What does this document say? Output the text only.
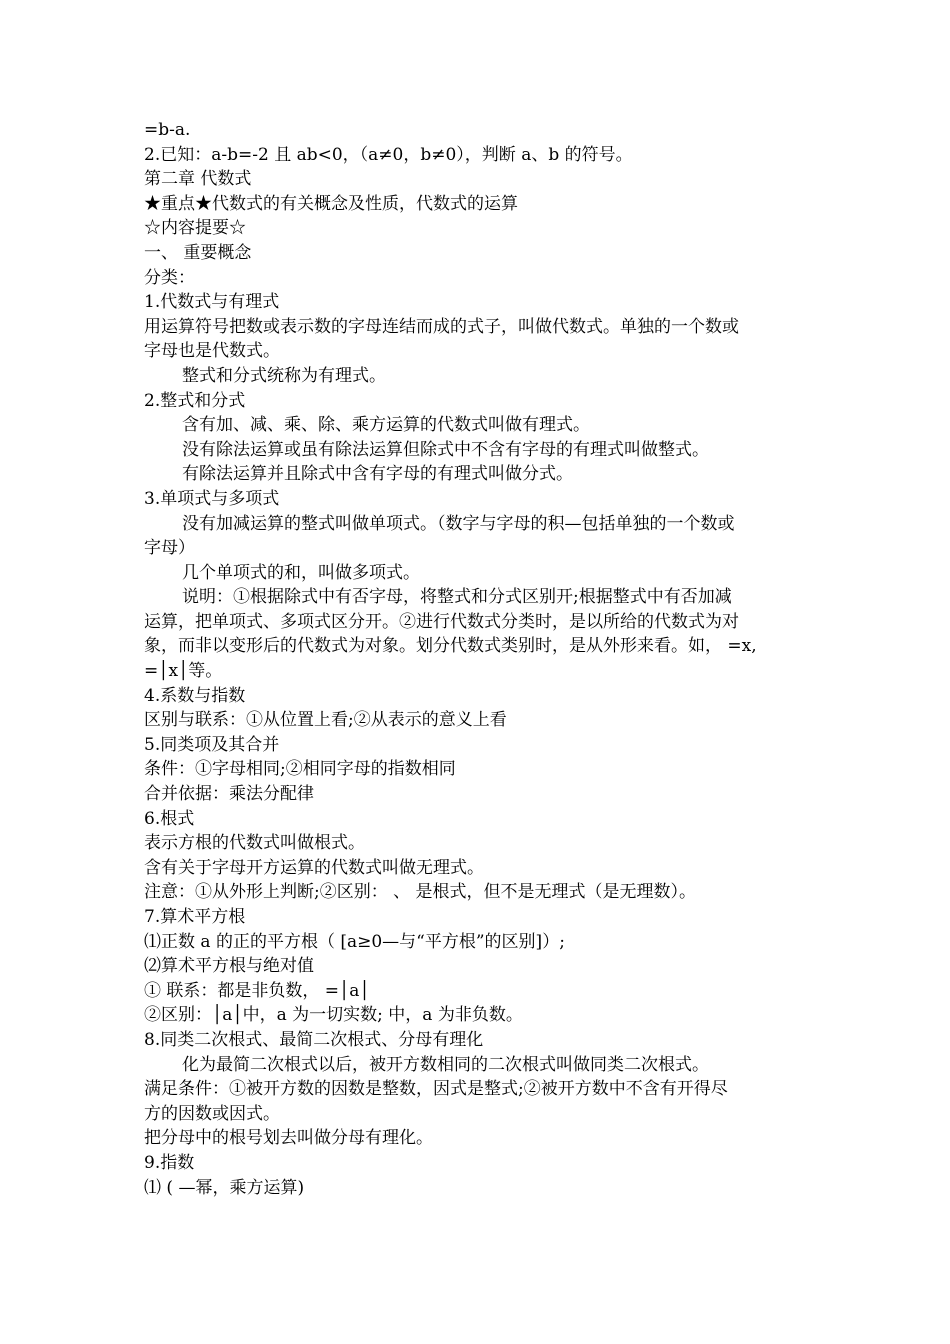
=b-a.
2.已知：a-b=-2 且 ab<0，（a≠0，b≠0），判断 a、b 的符号。
第二章 代数式
★重点★代数式的有关概念及性质，代数式的运算
☆内容提要☆
一、 重要概念
分类：
1.代数式与有理式
用运算符号把数或表示数的字母连结而成的式子，叫做代数式。单独的一个数或
字母也是代数式。
整式和分式统称为有理式。
2.整式和分式
含有加、减、乘、除、乘方运算的代数式叫做有理式。
没有除法运算或虽有除法运算但除式中不含有字母的有理式叫做整式。
有除法运算并且除式中含有字母的有理式叫做分式。
3.单项式与多项式
没有加减运算的整式叫做单项式。（数字与字母的积—包括单独的一个数或
字母）
几个单项式的和，叫做多项式。
说明：①根据除式中有否字母，将整式和分式区别开;根据整式中有否加减
运算，把单项式、多项式区分开。②进行代数式分类时，是以所给的代数式为对
象，而非以变形后的代数式为对象。划分代数式类别时，是从外形来看。如， =x,
=│x│等。
4.系数与指数
区别与联系：①从位置上看;②从表示的意义上看
5.同类项及其合并
条件：①字母相同;②相同字母的指数相同
合并依据：乘法分配律
6.根式
表示方根的代数式叫做根式。
含有关于字母开方运算的代数式叫做无理式。
注意：①从外形上判断;②区别： 、 是根式，但不是无理式（是无理数）。
7.算术平方根
⑴正数 a 的正的平方根（ [a≥0—与“平方根”的区别]）;
⑵算术平方根与绝对值
① 联系：都是非负数， =│a│
②区别：│a│中，a 为一切实数; 中，a 为非负数。
8.同类二次根式、最简二次根式、分母有理化
化为最简二次根式以后，被开方数相同的二次根式叫做同类二次根式。
满足条件：①被开方数的因数是整数，因式是整式;②被开方数中不含有开得尽
方的因数或因式。
把分母中的根号划去叫做分母有理化。
9.指数
⑴ ( —幂，乘方运算)
